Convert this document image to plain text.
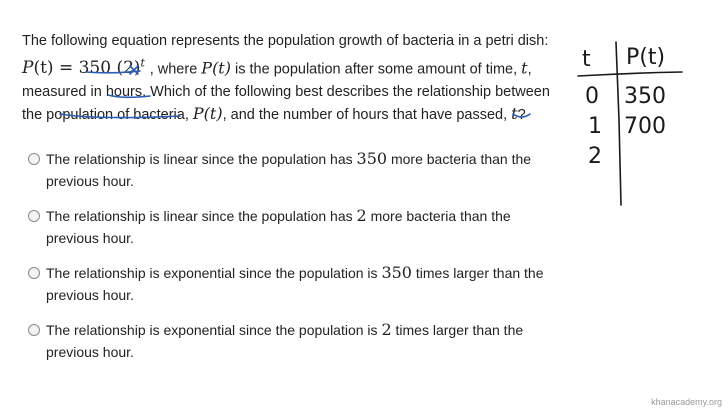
The following equation represents the population growth of bacteria in a petri dish:
P(t) = 350 $(2)^t$ , where P(t) is the population after some amount of time, t,
measured in hours. Which of the following best describes the relationship between
the population of bacteria, P(t), and the number of hours that have passed, t?
The relationship is linear since the population has 350 more bacteria than the
previous hour.
The relationship is linear since the population has 2 more bacteria than the
previous hour.
The relationship is exponential since the population is 350 times larger than the
previous hour.
The relationship is exponential since the population is 2 times larger than the
previous hour.
t P(t)
0 350
1 700
2
khanacademy.org
